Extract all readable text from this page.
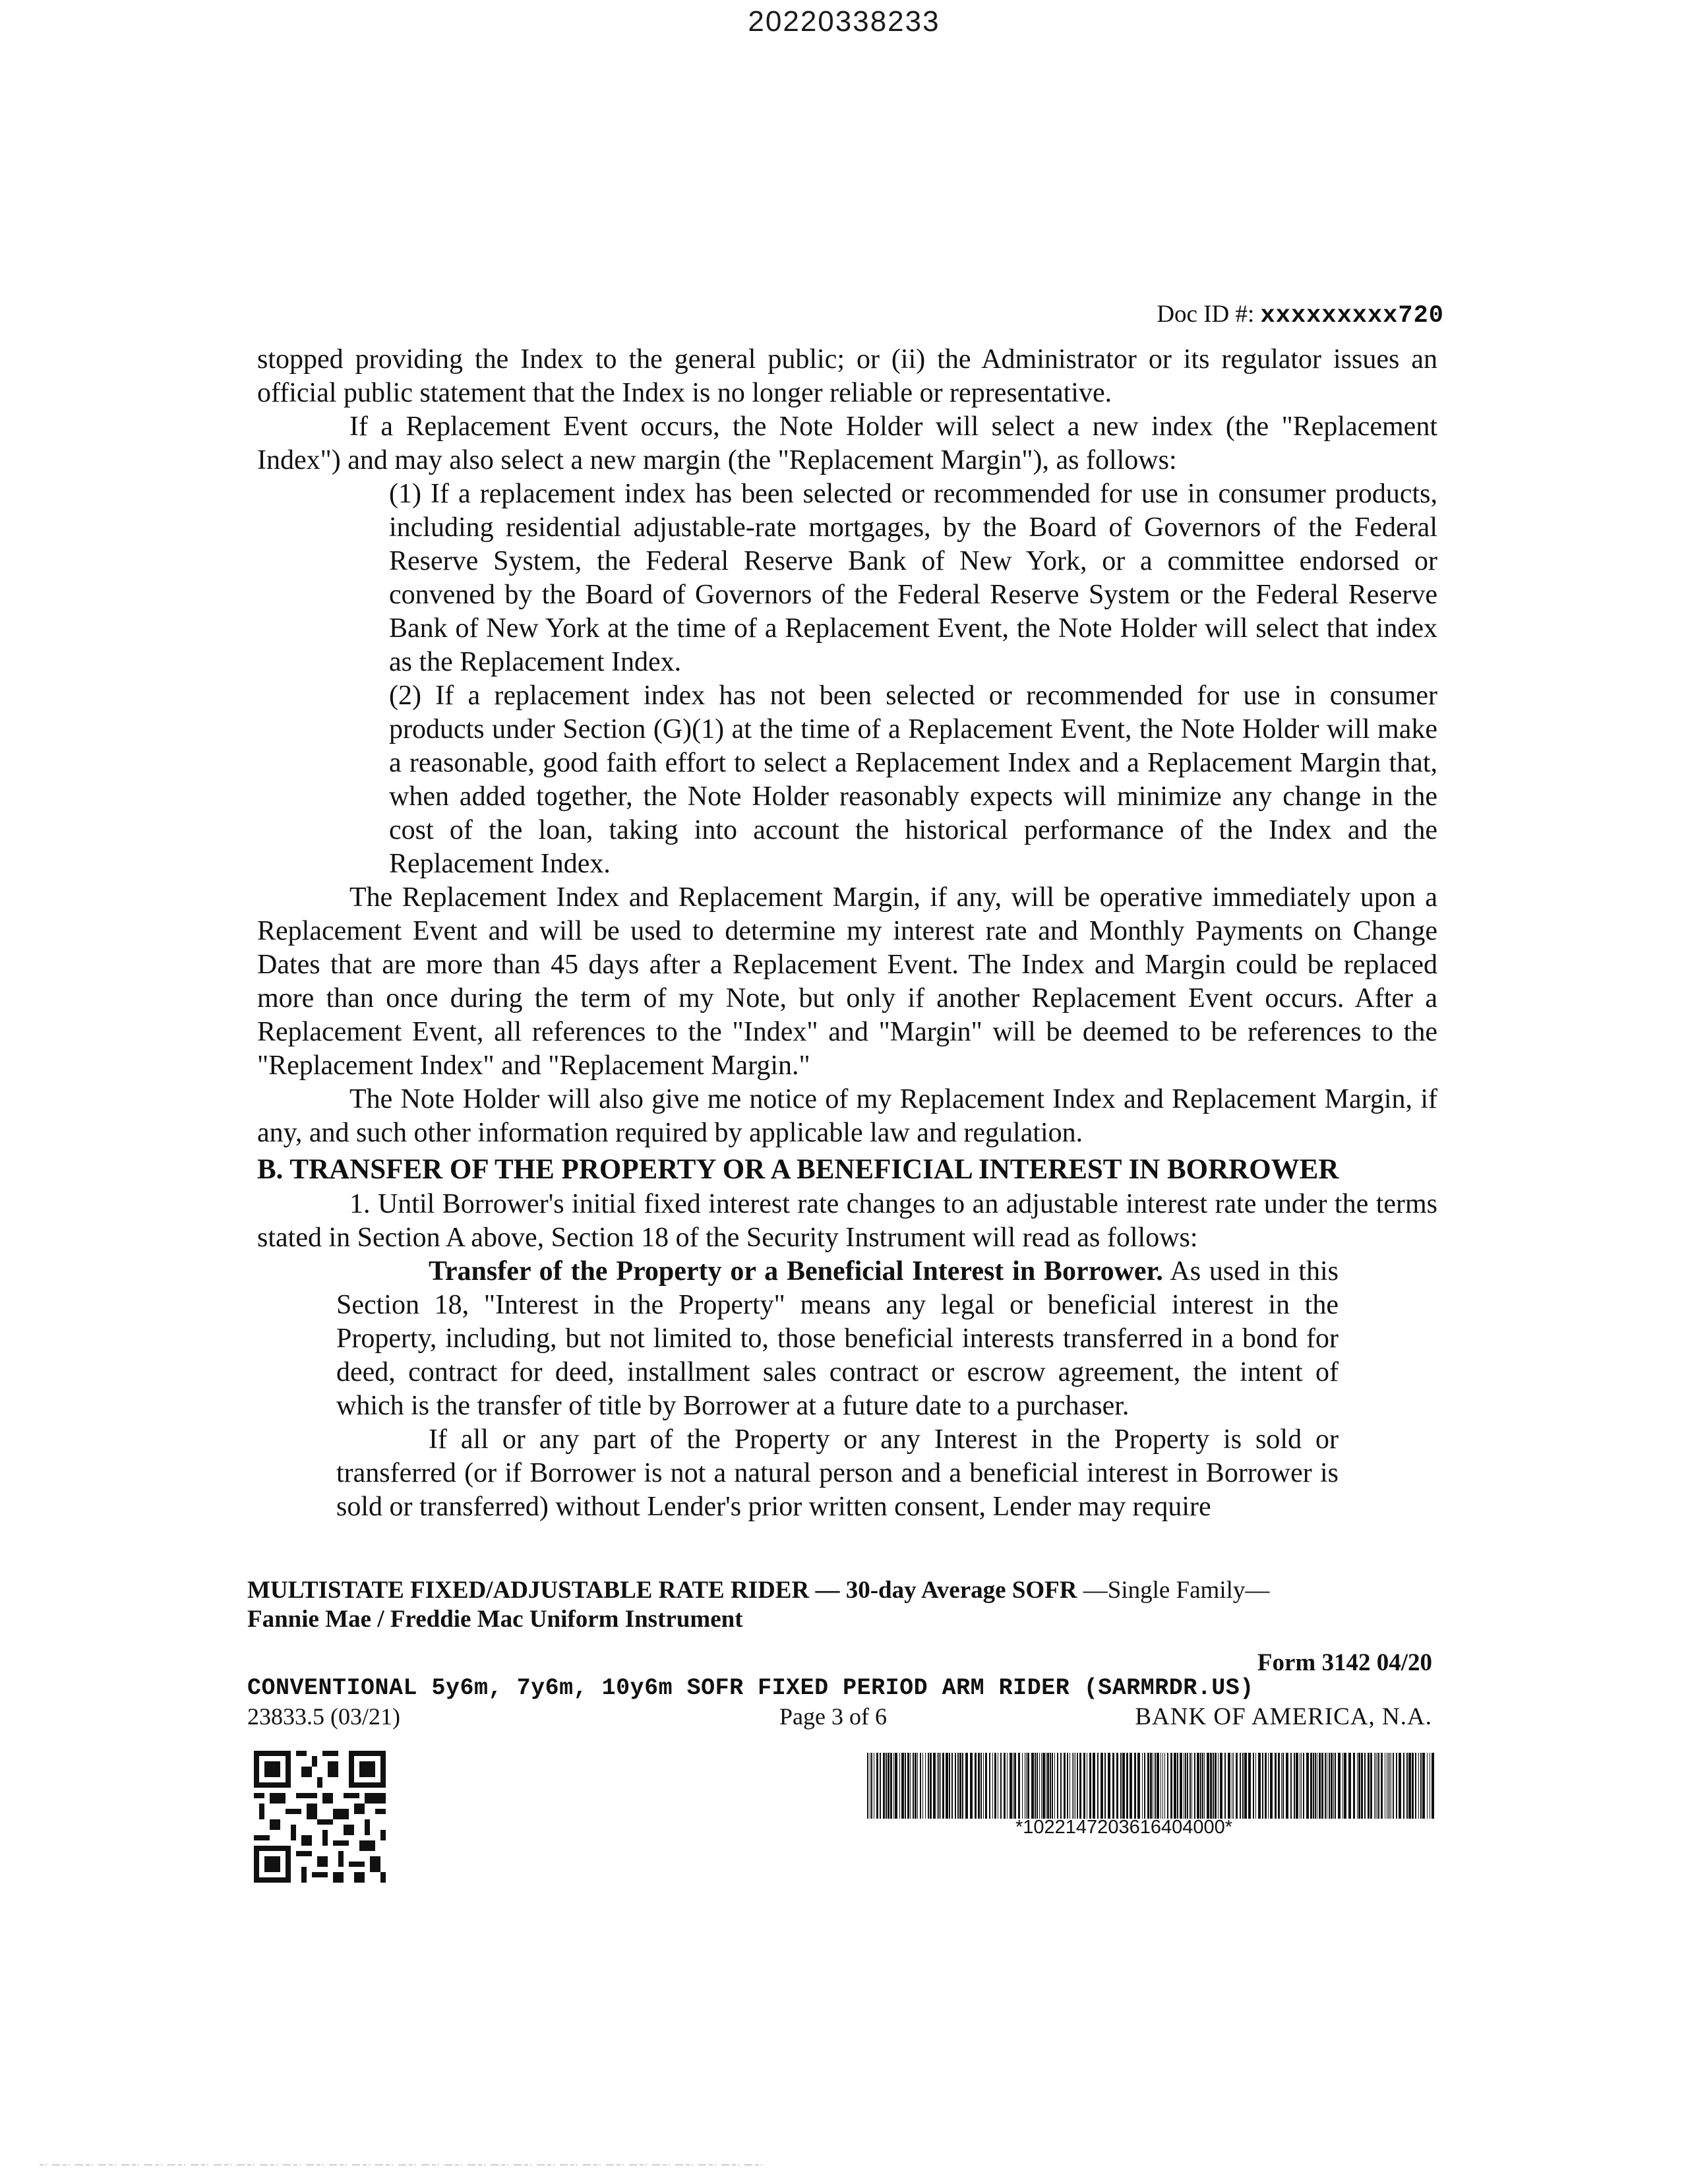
20220338233
Doc ID #: xxxxxxxxx720

stopped providing the Index to the general public; or (ii) the Administrator or its regulator issues an official public statement that the Index is no longer reliable or representative.

If a Replacement Event occurs, the Note Holder will select a new index (the "Replacement Index") and may also select a new margin (the "Replacement Margin"), as follows:

(1) If a replacement index has been selected or recommended for use in consumer products, including residential adjustable-rate mortgages, by the Board of Governors of the Federal Reserve System, the Federal Reserve Bank of New York, or a committee endorsed or convened by the Board of Governors of the Federal Reserve System or the Federal Reserve Bank of New York at the time of a Replacement Event, the Note Holder will select that index as the Replacement Index.

(2) If a replacement index has not been selected or recommended for use in consumer products under Section (G)(1) at the time of a Replacement Event, the Note Holder will make a reasonable, good faith effort to select a Replacement Index and a Replacement Margin that, when added together, the Note Holder reasonably expects will minimize any change in the cost of the loan, taking into account the historical performance of the Index and the Replacement Index.

The Replacement Index and Replacement Margin, if any, will be operative immediately upon a Replacement Event and will be used to determine my interest rate and Monthly Payments on Change Dates that are more than 45 days after a Replacement Event. The Index and Margin could be replaced more than once during the term of my Note, but only if another Replacement Event occurs. After a Replacement Event, all references to the "Index" and "Margin" will be deemed to be references to the "Replacement Index" and "Replacement Margin."

The Note Holder will also give me notice of my Replacement Index and Replacement Margin, if any, and such other information required by applicable law and regulation.

B. TRANSFER OF THE PROPERTY OR A BENEFICIAL INTEREST IN BORROWER

1. Until Borrower's initial fixed interest rate changes to an adjustable interest rate under the terms stated in Section A above, Section 18 of the Security Instrument will read as follows:

Transfer of the Property or a Beneficial Interest in Borrower. As used in this Section 18, "Interest in the Property" means any legal or beneficial interest in the Property, including, but not limited to, those beneficial interests transferred in a bond for deed, contract for deed, installment sales contract or escrow agreement, the intent of which is the transfer of title by Borrower at a future date to a purchaser.

If all or any part of the Property or any Interest in the Property is sold or transferred (or if Borrower is not a natural person and a beneficial interest in Borrower is sold or transferred) without Lender's prior written consent, Lender may require

MULTISTATE FIXED/ADJUSTABLE RATE RIDER — 30-day Average SOFR —Single Family—
Fannie Mae / Freddie Mac Uniform Instrument
Form 3142 04/20
CONVENTIONAL 5y6m, 7y6m, 10y6m SOFR FIXED PERIOD ARM RIDER (SARMRDR.US)
23833.5 (03/21)	Page 3 of 6	BANK OF AMERICA, N.A.
*1022147203616404000*
